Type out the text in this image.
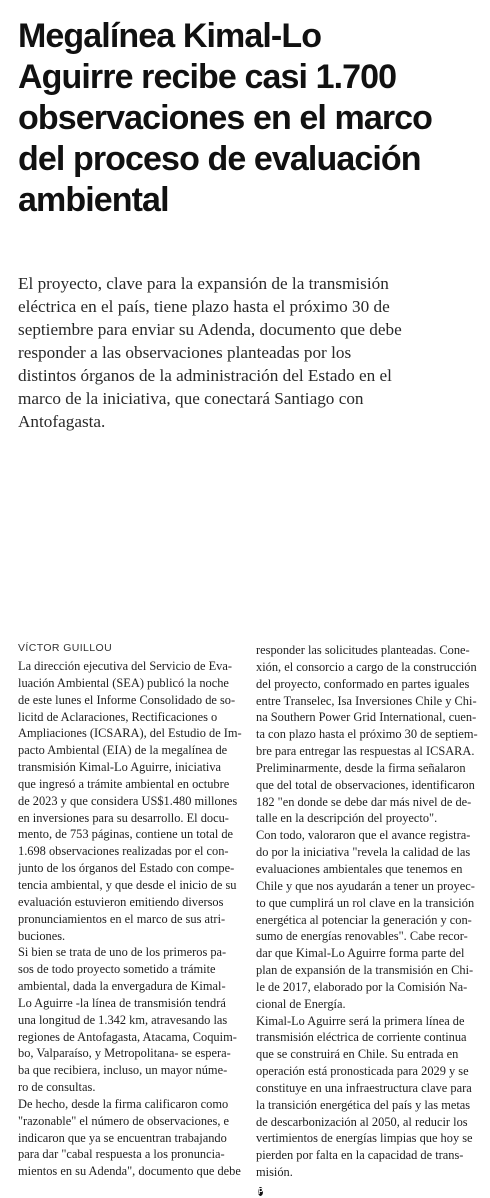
Megalínea Kimal-Lo
Aguirre recibe casi 1.700
observaciones en el marco
del proceso de evaluación
ambiental

El proyecto, clave para la expansión de la transmisión
eléctrica en el país, tiene plazo hasta el próximo 30 de
septiembre para enviar su Adenda, documento que debe
responder a las observaciones planteadas por los
distintos órganos de la administración del Estado en el
marco de la iniciativa, que conectará Santiago con
Antofagasta.

VÍCTOR GUILLOU
La dirección ejecutiva del Servicio de Eva-
luación Ambiental (SEA) publicó la noche
de este lunes el Informe Consolidado de so-
licitd de Aclaraciones, Rectificaciones o
Ampliaciones (ICSARA), del Estudio de Im-
pacto Ambiental (EIA) de la megalínea de
transmisión Kimal-Lo Aguirre, iniciativa
que ingresó a trámite ambiental en octubre
de 2023 y que considera US$1.480 millones
en inversiones para su desarrollo. El docu-
mento, de 753 páginas, contiene un total de
1.698 observaciones realizadas por el con-
junto de los órganos del Estado con compe-
tencia ambiental, y que desde el inicio de su
evaluación estuvieron emitiendo diversos
pronunciamientos en el marco de sus atri-
buciones.
Si bien se trata de uno de los primeros pa-
sos de todo proyecto sometido a trámite
ambiental, dada la envergadura de Kimal-
Lo Aguirre -la línea de transmisión tendrá
una longitud de 1.342 km, atravesando las
regiones de Antofagasta, Atacama, Coquim-
bo, Valparaíso, y Metropolitana- se espera-
ba que recibiera, incluso, un mayor núme-
ro de consultas.
De hecho, desde la firma calificaron como
"razonable" el número de observaciones, e
indicaron que ya se encuentran trabajando
para dar "cabal respuesta a los pronuncia-
mientos en su Adenda", documento que debe
responder las solicitudes planteadas. Cone-
xión, el consorcio a cargo de la construcción
del proyecto, conformado en partes iguales
entre Transelec, Isa Inversiones Chile y Chi-
na Southern Power Grid International, cuen-
ta con plazo hasta el próximo 30 de septiem-
bre para entregar las respuestas al ICSARA.
Preliminarmente, desde la firma señalaron
que del total de observaciones, identificaron
182 "en donde se debe dar más nivel de de-
talle en la descripción del proyecto".
Con todo, valoraron que el avance registra-
do por la iniciativa "revela la calidad de las
evaluaciones ambientales que tenemos en
Chile y que nos ayudarán a tener un proyec-
to que cumplirá un rol clave en la transición
energética al potenciar la generación y con-
sumo de energías renovables". Cabe recor-
dar que Kimal-Lo Aguirre forma parte del
plan de expansión de la transmisión en Chi-
le de 2017, elaborado por la Comisión Na-
cional de Energía.
Kimal-Lo Aguirre será la primera línea de
transmisión eléctrica de corriente continua
que se construirá en Chile. Su entrada en
operación está pronosticada para 2029 y se
constituye en una infraestructura clave para
la transición energética del país y las metas
de descarbonización al 2050, al reducir los
vertimientos de energías limpias que hoy se
pierden por falta en la capacidad de trans-
misión.
P
